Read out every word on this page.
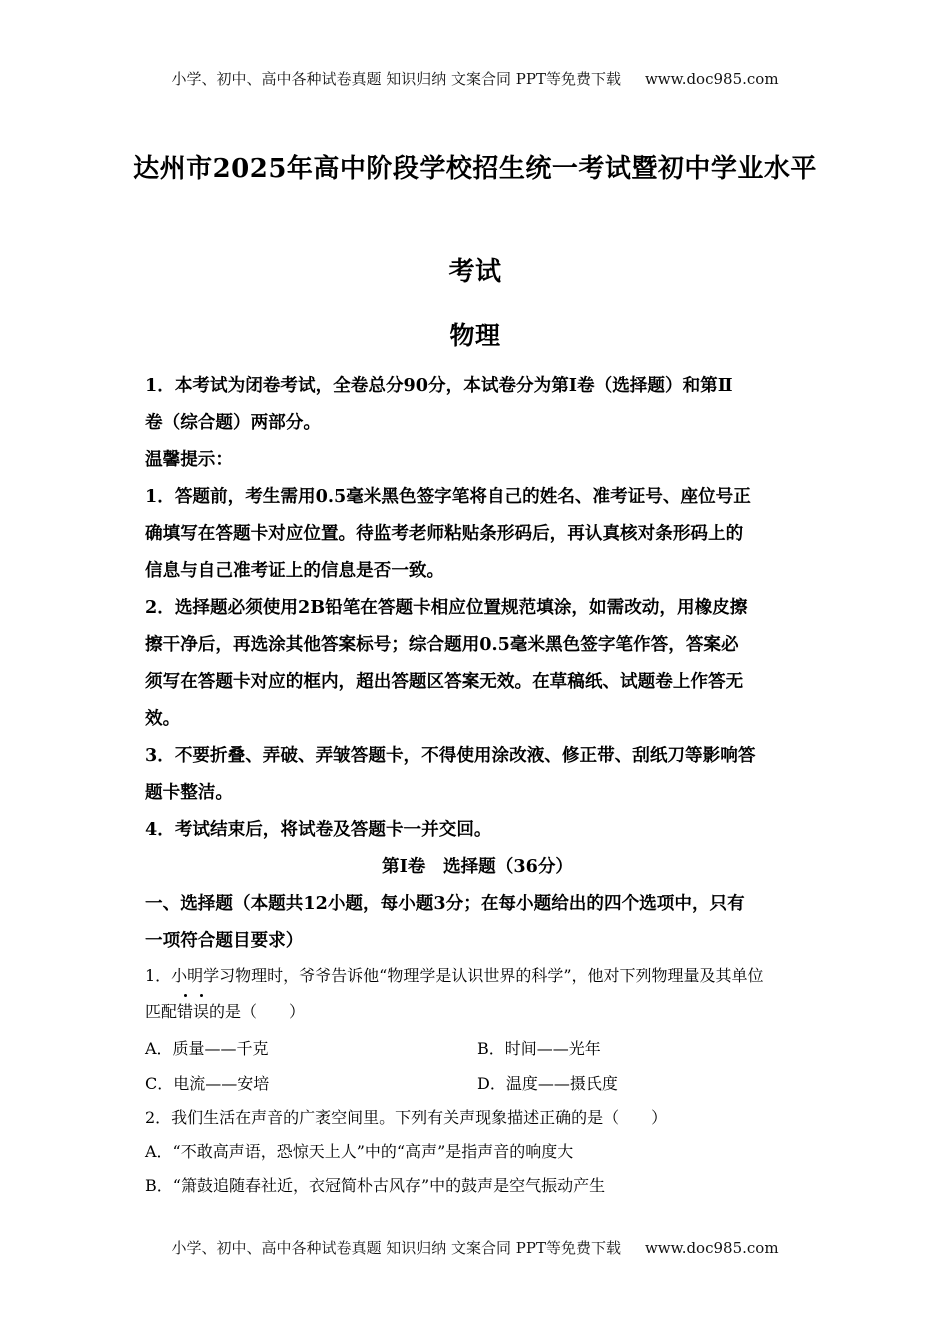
小学、初中、高中各种试卷真题 知识归纳 文案合同 PPT等免费下载 www.doc985.com
达州市2025年高中阶段学校招生统一考试暨初中学业水平
考试
物理

1．本考试为闭卷考试，全卷总分90分，本试卷分为第Ⅰ卷（选择题）和第Ⅱ

卷（综合题）两部分。

温馨提示：

1．答题前，考生需用0.5毫米黑色签字笔将自己的姓名、准考证号、座位号正

确填写在答题卡对应位置。待监考老师粘贴条形码后，再认真核对条形码上的

信息与自己准考证上的信息是否一致。

2．选择题必须使用2B铅笔在答题卡相应位置规范填涂，如需改动，用橡皮擦

擦干净后，再选涂其他答案标号；综合题用0.5毫米黑色签字笔作答，答案必

须写在答题卡对应的框内，超出答题区答案无效。在草稿纸、试题卷上作答无

效。

3．不要折叠、弄破、弄皱答题卡，不得使用涂改液、修正带、刮纸刀等影响答

题卡整洁。

4．考试结束后，将试卷及答题卡一并交回。

第Ⅰ卷　选择题（36分）

一、选择题（本题共12小题，每小题3分；在每小题给出的四个选项中，只有

一项符合题目要求）

1．小明学习物理时，爷爷告诉他“物理学是认识世界的科学”，他对下列物理量及其单位

匹配错误的是（　　）

A．质量——千克	B．时间——光年
C．电流——安培	D．温度——摄氏度

2．我们生活在声音的广袤空间里。下列有关声现象描述正确的是（　　）

A．“不敢高声语，恐惊天上人”中的“高声”是指声音的响度大

B．“箫鼓追随春社近，衣冠简朴古风存”中的鼓声是空气振动产生

小学、初中、高中各种试卷真题 知识归纳 文案合同 PPT等免费下载 www.doc985.com
